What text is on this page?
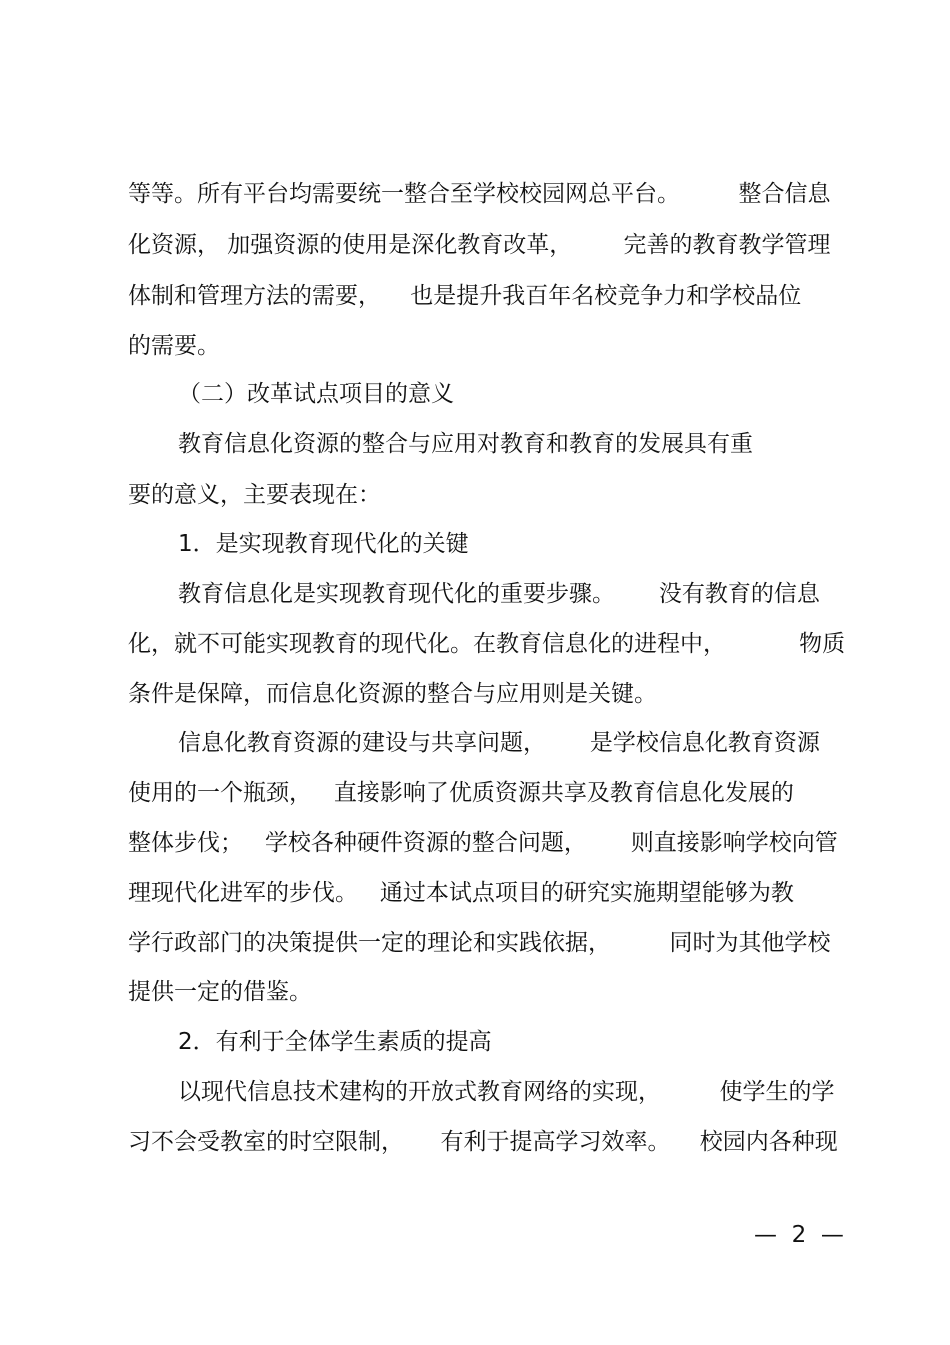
等等。所有平台均需要统一整合至学校校园网总平台。        整合信息

化资源， 加强资源的使用是深化教育改革，       完善的教育教学管理

体制和管理方法的需要，    也是提升我百年名校竞争力和学校品位

的需要。

（二）改革试点项目的意义

教育信息化资源的整合与应用对教育和教育的发展具有重

要的意义，主要表现在：

1．是实现教育现代化的关键

教育信息化是实现教育现代化的重要步骤。      没有教育的信息

化，就不可能实现教育的现代化。在教育信息化的进程中，          物质

条件是保障，而信息化资源的整合与应用则是关键。

信息化教育资源的建设与共享问题，      是学校信息化教育资源

使用的一个瓶颈，   直接影响了优质资源共享及教育信息化发展的

整体步伐；   学校各种硬件资源的整合问题，      则直接影响学校向管

理现代化进军的步伐。   通过本试点项目的研究实施期望能够为教

学行政部门的决策提供一定的理论和实践依据，        同时为其他学校

提供一定的借鉴。

2．有利于全体学生素质的提高

以现代信息技术建构的开放式教育网络的实现，        使学生的学

习不会受教室的时空限制，     有利于提高学习效率。    校园内各种现

—  2  —
